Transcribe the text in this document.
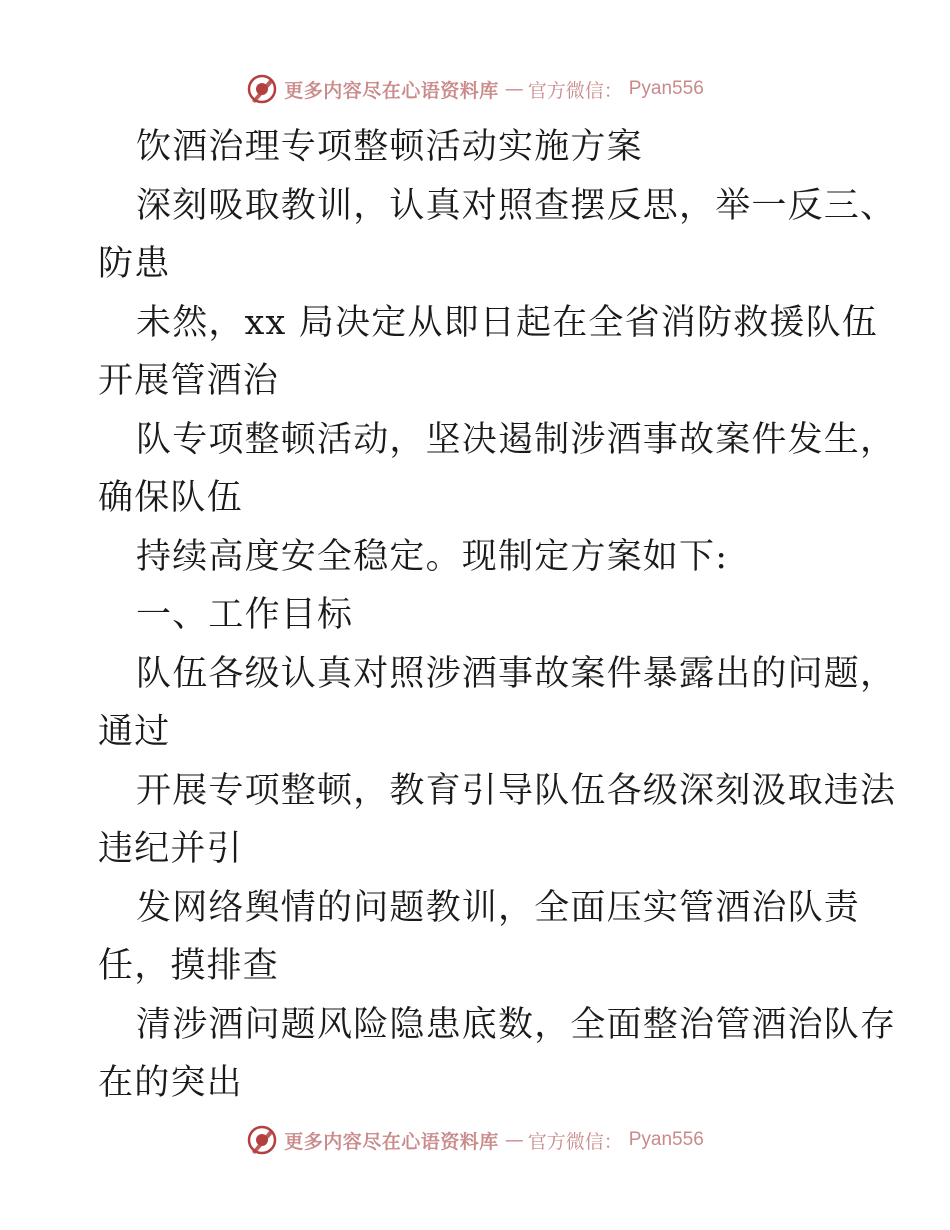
更多内容尽在心语资料库 — 官方微信： Pyan556
饮酒治理专项整顿活动实施方案
深刻吸取教训，认真对照查摆反思，举一反三、
防患
未然，xx 局决定从即日起在全省消防救援队伍
开展管酒治
队专项整顿活动，坚决遏制涉酒事故案件发生，
确保队伍
持续高度安全稳定。现制定方案如下:
一、工作目标
队伍各级认真对照涉酒事故案件暴露出的问题，
通过
开展专项整顿，教育引导队伍各级深刻汲取违法
违纪并引
发网络舆情的问题教训，全面压实管酒治队责
任，摸排查
清涉酒问题风险隐患底数，全面整治管酒治队存
在的突出
更多内容尽在心语资料库 — 官方微信： Pyan556
